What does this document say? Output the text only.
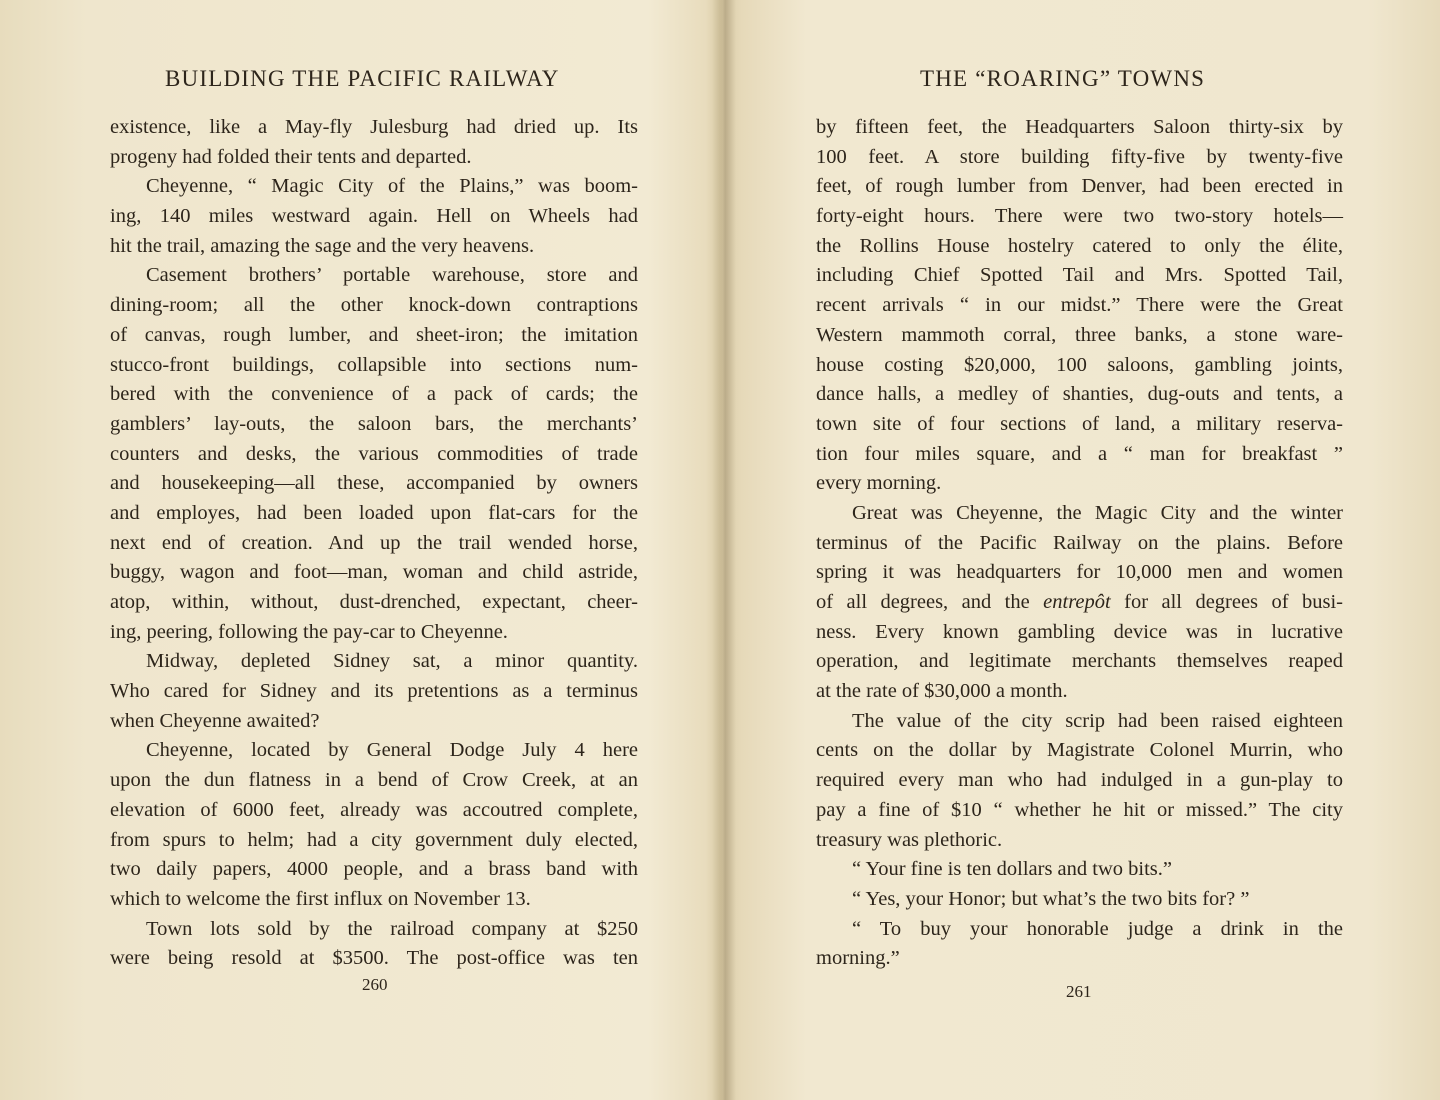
BUILDING THE PACIFIC RAILWAY
existence, like a May-fly Julesburg had dried up. Its
progeny had folded their tents and departed.
Cheyenne, “ Magic City of the Plains,” was boom-
ing, 140 miles westward again. Hell on Wheels had
hit the trail, amazing the sage and the very heavens.
Casement brothers’ portable warehouse, store and
dining-room; all the other knock-down contraptions
of canvas, rough lumber, and sheet-iron; the imitation
stucco-front buildings, collapsible into sections num-
bered with the convenience of a pack of cards; the
gamblers’ lay-outs, the saloon bars, the merchants’
counters and desks, the various commodities of trade
and housekeeping—all these, accompanied by owners
and employes, had been loaded upon flat-cars for the
next end of creation. And up the trail wended horse,
buggy, wagon and foot—man, woman and child astride,
atop, within, without, dust-drenched, expectant, cheer-
ing, peering, following the pay-car to Cheyenne.
Midway, depleted Sidney sat, a minor quantity.
Who cared for Sidney and its pretentions as a terminus
when Cheyenne awaited?
Cheyenne, located by General Dodge July 4 here
upon the dun flatness in a bend of Crow Creek, at an
elevation of 6000 feet, already was accoutred complete,
from spurs to helm; had a city government duly elected,
two daily papers, 4000 people, and a brass band with
which to welcome the first influx on November 13.
Town lots sold by the railroad company at $250
were being resold at $3500. The post-office was ten
260
THE “ROARING” TOWNS
by fifteen feet, the Headquarters Saloon thirty-six by
100 feet. A store building fifty-five by twenty-five
feet, of rough lumber from Denver, had been erected in
forty-eight hours. There were two two-story hotels—
the Rollins House hostelry catered to only the élite,
including Chief Spotted Tail and Mrs. Spotted Tail,
recent arrivals “ in our midst.” There were the Great
Western mammoth corral, three banks, a stone ware-
house costing $20,000, 100 saloons, gambling joints,
dance halls, a medley of shanties, dug-outs and tents, a
town site of four sections of land, a military reserva-
tion four miles square, and a “ man for breakfast ”
every morning.
Great was Cheyenne, the Magic City and the winter
terminus of the Pacific Railway on the plains. Before
spring it was headquarters for 10,000 men and women
of all degrees, and the entrepôt for all degrees of busi-
ness. Every known gambling device was in lucrative
operation, and legitimate merchants themselves reaped
at the rate of $30,000 a month.
The value of the city scrip had been raised eighteen
cents on the dollar by Magistrate Colonel Murrin, who
required every man who had indulged in a gun-play to
pay a fine of $10 “ whether he hit or missed.” The city
treasury was plethoric.
“ Your fine is ten dollars and two bits.”
“ Yes, your Honor; but what’s the two bits for? ”
“ To buy your honorable judge a drink in the
morning.”
261
